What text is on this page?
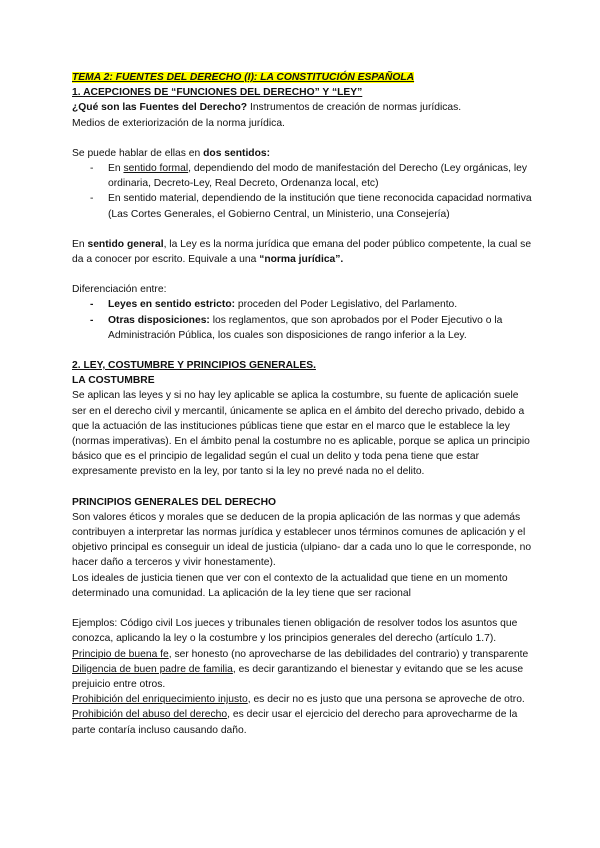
TEMA 2: FUENTES DEL DERECHO (I): LA CONSTITUCIÓN ESPAÑOLA

1. ACEPCIONES DE “FUNCIONES DEL DERECHO” Y “LEY”

¿Qué son las Fuentes del Derecho? Instrumentos de creación de normas jurídicas.

Medios de exteriorización de la norma jurídica.

Se puede hablar de ellas en dos sentidos:

- En sentido formal, dependiendo del modo de manifestación del Derecho (Ley orgánicas, ley ordinaria, Decreto-Ley, Real Decreto, Ordenanza local, etc)
- En sentido material, dependiendo de la institución que tiene reconocida capacidad normativa (Las Cortes Generales, el Gobierno Central, un Ministerio, una Consejería)

En sentido general, la Ley es la norma jurídica que emana del poder público competente, la cual se da a conocer por escrito. Equivale a una “norma jurídica”.

Diferenciación entre:

- Leyes en sentido estricto: proceden del Poder Legislativo, del Parlamento.
- Otras disposiciones: los reglamentos, que son aprobados por el Poder Ejecutivo o la Administración Pública, los cuales son disposiciones de rango inferior a la Ley.

2. LEY, COSTUMBRE Y PRINCIPIOS GENERALES.

LA COSTUMBRE

Se aplican las leyes y si no hay ley aplicable se aplica la costumbre, su fuente de aplicación suele ser en el derecho civil y mercantil, únicamente se aplica en el ámbito del derecho privado, debido a que la actuación de las instituciones públicas tiene que estar en el marco que le establece la ley (normas imperativas). En el ámbito penal la costumbre no es aplicable, porque se aplica un principio básico que es el principio de legalidad según el cual un delito y toda pena tiene que estar expresamente previsto en la ley, por tanto si la ley no prevé nada no el delito.

PRINCIPIOS GENERALES DEL DERECHO

Son valores éticos y morales que se deducen de la propia aplicación de las normas y que además contribuyen a interpretar las normas jurídica y establecer unos términos comunes de aplicación y el objetivo principal es conseguir un ideal de justicia (ulpiano- dar a cada uno lo que le corresponde, no hacer daño a terceros y vivir honestamente).

Los ideales de justicia tienen que ver con el contexto de la actualidad que tiene en un momento determinado una comunidad. La aplicación de la ley tiene que ser racional

Ejemplos: Código civil Los jueces y tribunales tienen obligación de resolver todos los asuntos que conozca, aplicando la ley o la costumbre y los principios generales del derecho (artículo 1.7). Principio de buena fe, ser honesto (no aprovecharse de las debilidades del contrario) y transparente

Diligencia de buen padre de familia, es decir garantizando el bienestar y evitando que se les acuse prejuicio entre otros.

Prohibición del enriquecimiento injusto, es decir no es justo que una persona se aproveche de otro.

Prohibición del abuso del derecho, es decir usar el ejercicio del derecho para aprovecharme de la parte contaría incluso causando daño.
